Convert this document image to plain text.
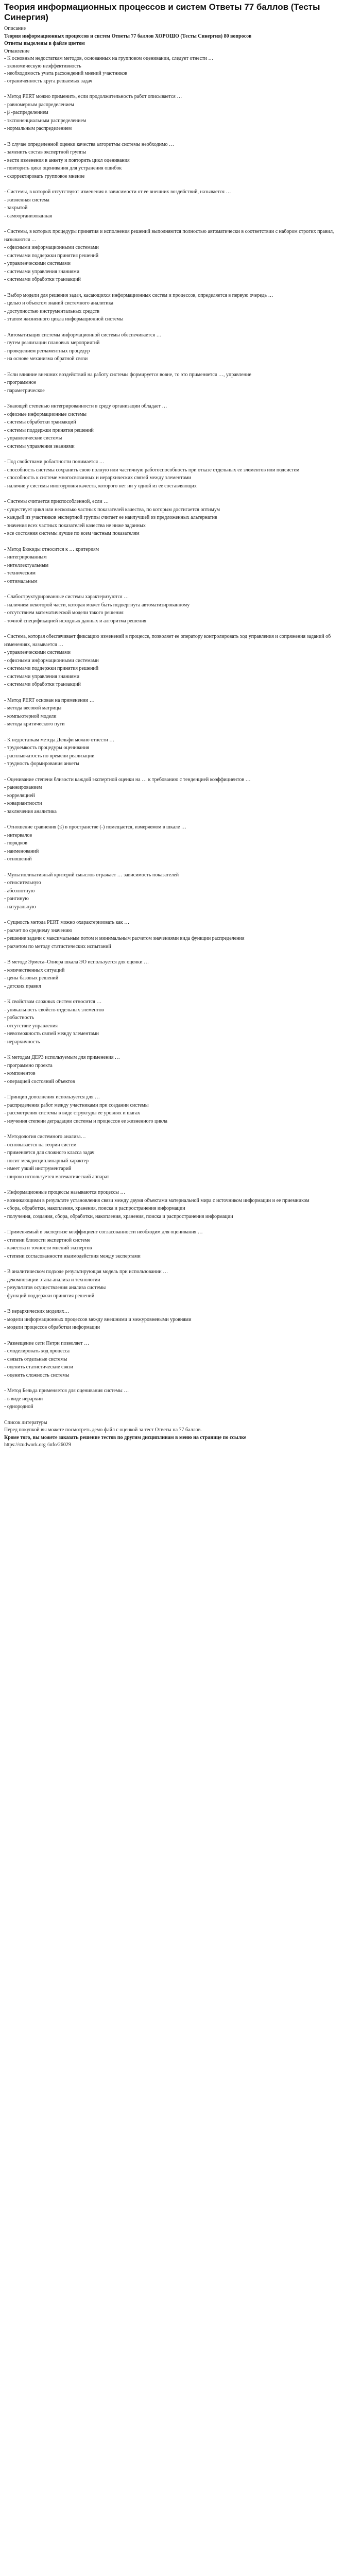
Теория информационных процессов и систем Ответы 77 баллов (Тесты Синергия)

Описание

Теория информационных процессов и систем Ответы 77 баллов ХОРОШО (Тесты Синергия) 80 вопросов

Ответы выделены в файле цветом

Оглавление

- К основным недостаткам методов, основанных на групповом оценивании, следует отнести …

- экономическую неэффективность

- необходимость учета расхождений мнений участников

- ограниченность круга решаемых задач

- Метод PERT можно применить, если продолжительность работ описывается …

- равномерным распределением

- β -распределением

- экспоненциальным распределением

- нормальным распределением

- В случае определенной оценки качества алгоритмы системы необходимо …

- заменить состав экспертной группы

- вести изменения в анкету и повторить цикл оценивания

- повторить цикл оценивания для устранения ошибок

- скорректировать групповое мнение

- Системы, в которой отсутствуют изменения в зависимости от ее внешних воздействий, называется …

- жизненная система

- закрытой

- самоорганизованная

- Системы, в которых процедуры принятия и исполнения решений выполняются полностью автоматически в соответствии с набором строгих правил, называются …

- офисными информационными системами

- системами поддержки принятия решений

- управленческими системами

- системами управления знаниями

- системами обработки транзакций

- Выбор модели для решения задач, касающихся информационных систем и процессов, определяется в первую очередь …

- целью и объектом знаний системного аналитика

- доступностью инструментальных средств

- этапом жизненного цикла информационной системы

- Автоматизация системы информационной системы обеспечивается …

- путем реализации плановых мероприятий

- проведением регламентных процедур

- на основе механизма обратной связи

- Если влияние внешних воздействий на работу системы формируется вовне, то это применяется …, управление

- программное

- параметрическое

- Знающей степенью интегрированности в среду организации обладает …

- офисные информационные системы

- системы обработки транзакций

- системы поддержки принятия решений

- управленческие системы

- системы управления знаниями

- Под свойствами робастности понимается …

- способность системы сохранить свою полную или частичную работоспособность при отказе отдельных ее элементов или подсистем

- способность к системе многосвязанных и иерархических связей между элементами

- наличие у системы иногоуровня качеств, которого нет ни у одной из ее составляющих

- Системы считается приспособленной, если …

- существует цикл или несколько частных показателей качества, по которым достигается оптимум

- каждый из участников экспертной группы считает ее наилучшей из предложенных альтернатив

- значения всех частных показателей качества не ниже заданных

- все состояния системы лучше по всем частным показателям

- Метод Бюкиды относится к … критериям

- интегрированным

- интеллектуальным

- техническим

- оптимальным

- Слабоструктурированные системы характеризуются …

- наличием некоторой части, которая может быть подвергнута автоматизированному

- отсутствием математической модели такого решения

- точной спецификацией исходных данных и алгоритма решения

- Система, которая обеспечивает фиксацию изменений в процессе, позволяет ее оператору контролировать ход управления и сопряжения заданий об изменениях, называется …

- управленческими системами

- офисными информационными системами

- системами поддержки принятия решений

- системами управления знаниями

- системами обработки транзакций

- Метод PERT основан на применении …

- метода весовой матрицы

- компьютерной модели

- метода критического пути

- К недостаткам метода Дельфи можно отнести …

- трудоемкость процедуры оценивания

- расплывчатость по времени реализации

- трудность формирования анкеты

- Оценивание степени близости каждой экспертной оценки на … к требованию с тенденцией коэффициентов …

- ранжированием

- корреляцией

- ковариантности

- заключения аналитика

- Отношение сравнения (≤) в пространстве (-) помещается, измеряемом в шкале …

- интервалов

- порядков

- наименований

- отношений

- Мультипликативный критерий смыслов отражает … зависимость показателей

- относительную

- абсолютную

- рангиную

- натуральную

- Сущность метода PERT можно охарактеризовать как …

- расчет по среднему значению

- решение задачи с максимальным потом и минимальным расчетом значениями вида функции распределения

- расчетом по методу статистических испытаний

- В методе Эрмеса–Олиера шкала ЭО используется для оценки …

- количественных ситуаций

- цены базовых решений

- детских правил

- К свойствам сложных систем относится …

- уникальность свойств отдельных элементов

- робастность

- отсутствие управления

- невозможность связей между элементами

- иерархичность

- К методам ДЕРЗ используемым для применения …

- программно проекта

- компонентов

- операцией состояний объектов

- Принцип дополнения используется для …

- распределения работ между участниками при создании системы

- рассмотрения системы в виде структуры ее уровнях и шагах

- изучения степени деградации системы и процессов ее жизненного цикла

- Методология системного анализа…

- основывается на теории систем

- применяется для сложного класса задач

- носит междисциплинарный характер

- имеет узкий инструментарий

- широко используется математический аппарат

- Информационные процессы называются процессы …

- возникающими в результате установления связи между двумя объектами материальной мира с источником информации и ее приемником

- сбора, обработки, накопления, хранения, поиска и распространения информации

- получения, создания, сбора, обработки, накопления, хранения, поиска и распространения информации

- Применяемый в экспертизе коэффициент согласованности необходим для оценивания …

- степени близости экспертной системе

- качества и точности мнений экспертов

- степени согласованности взаимодействия между экспертами

- В аналитическом подходе результирующая модель при использовании …

- декомпозиции этапа анализа и технологии

- результатов осуществления анализа системы

- функций поддержки принятия решений

- В иерархических моделях…

- модели информационных процессов между внешними и межуровневыми уровнями

- модели процессов обработки информации

- Размещение сети Петри позволяет …

- смоделировать ход процесса

- связать отдельные системы

- оценить статистические связи

- оценить сложность системы

- Метод Бельда применяется для оценивания системы …

- в виде иерархии

- однородной

Список литературы

Перед покупкой вы можете посмотреть демо файл с оценкой за тест Ответы на 77 баллов.

Кроме того, вы можете заказать решение тестов по другим дисциплинам в меню на странице по ссылке

https://studwork.org /info/26029
